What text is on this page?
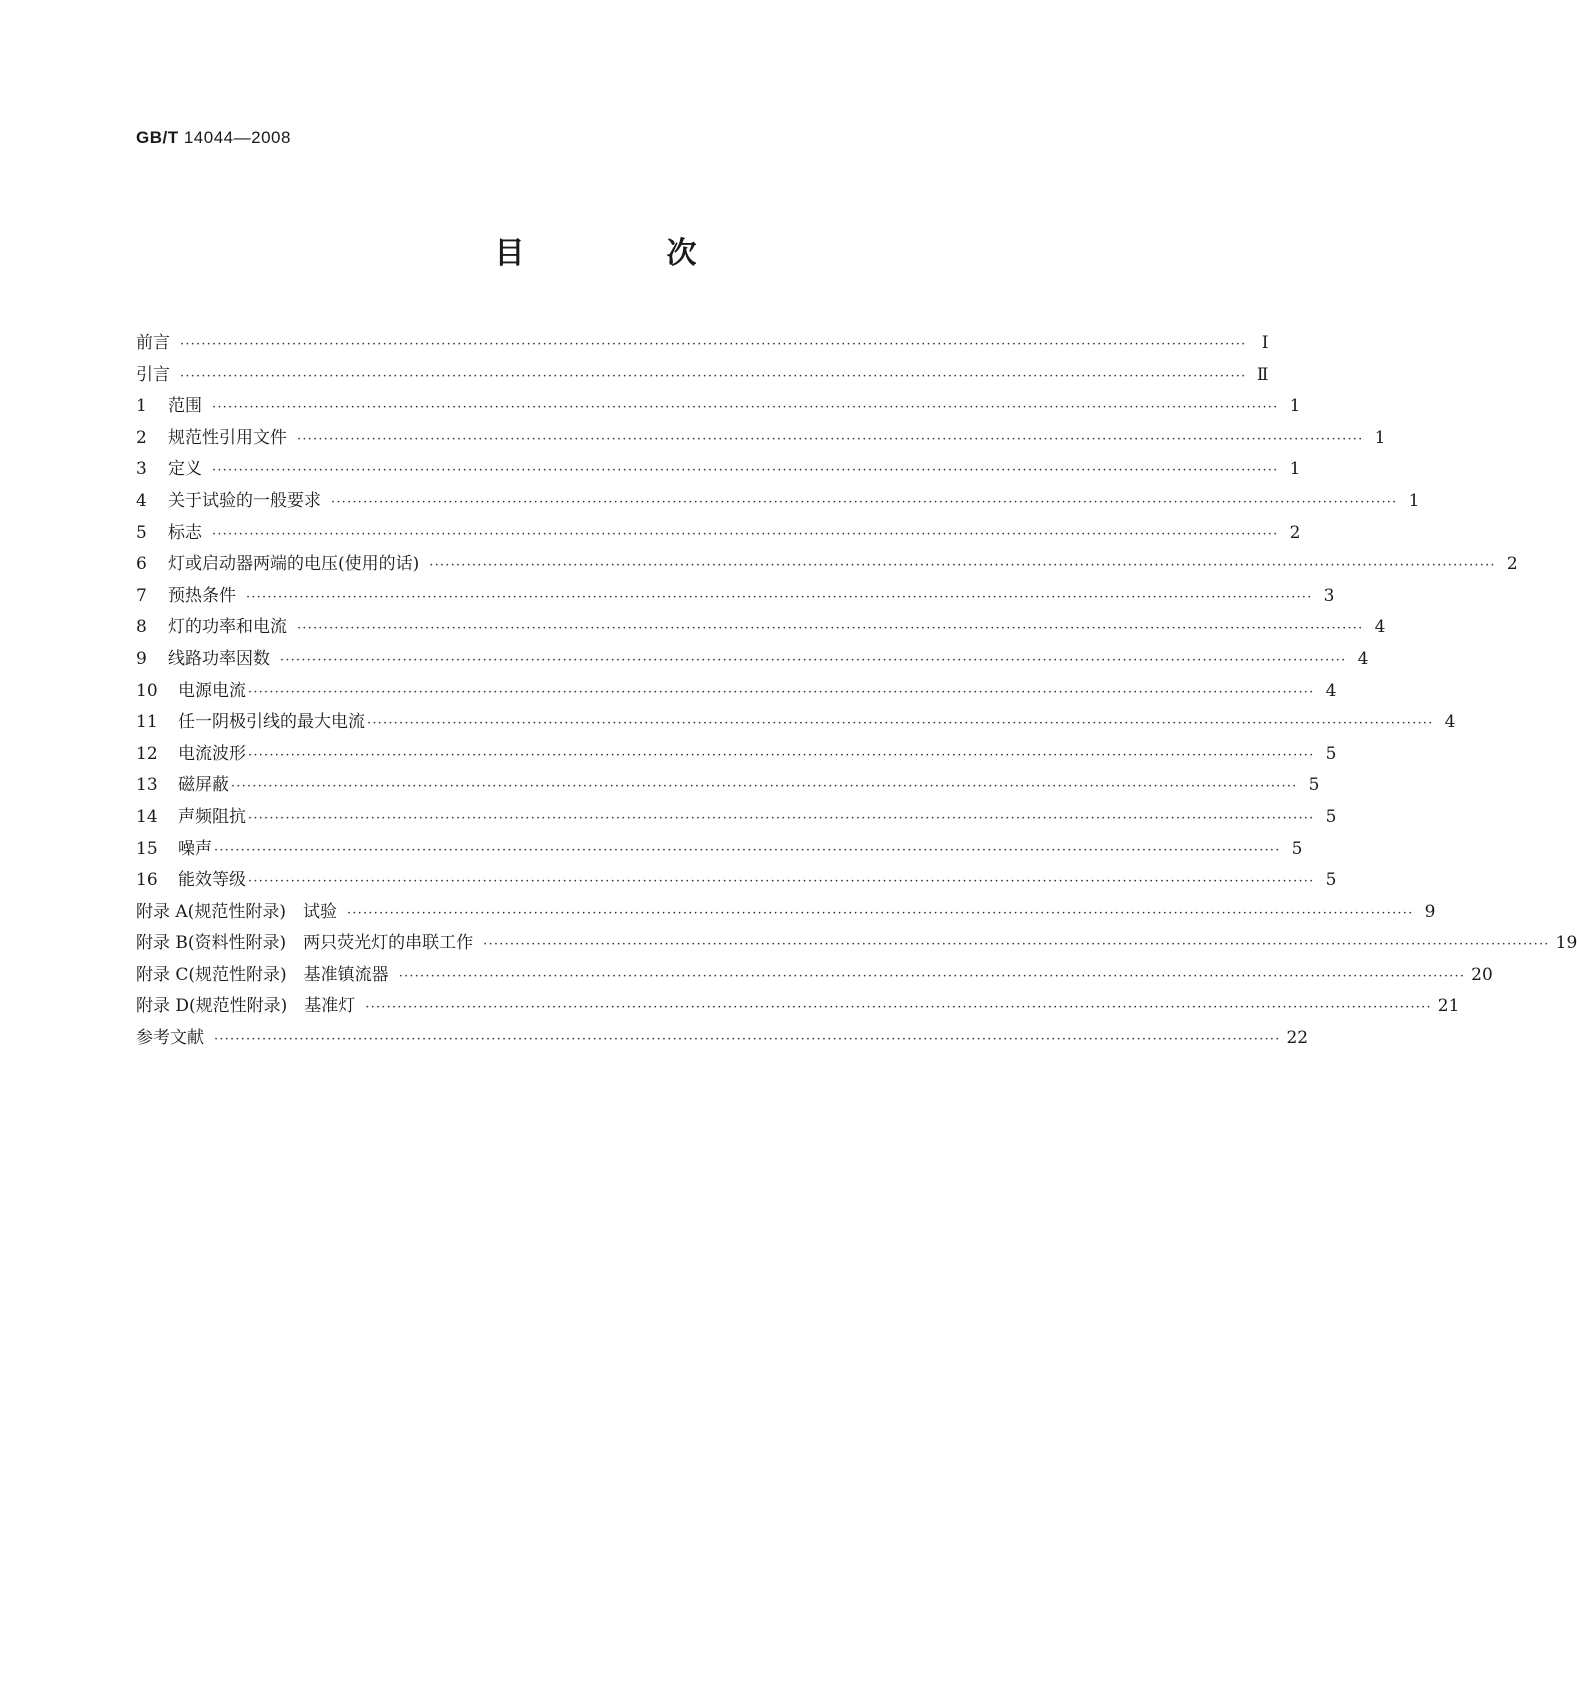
GB/T 14044—2008
目　次
前言 ········································································································································································································ Ⅰ
引言 ········································································································································································································ Ⅱ
1 范围 ········································································································································································································ 1
2 规范性引用文件 ········································································································································································································ 1
3 定义 ········································································································································································································ 1
4 关于试验的一般要求 ········································································································································································································ 1
5 标志 ········································································································································································································ 2
6 灯或启动器两端的电压(使用的话) ········································································································································································································ 2
7 预热条件 ········································································································································································································ 3
8 灯的功率和电流 ········································································································································································································ 4
9 线路功率因数 ········································································································································································································ 4
10 电源电流 ········································································································································································································ 4
11 任一阴极引线的最大电流 ········································································································································································································ 4
12 电流波形 ········································································································································································································ 5
13 磁屏蔽 ········································································································································································································ 5
14 声频阻抗 ········································································································································································································ 5
15 噪声 ········································································································································································································ 5
16 能效等级 ········································································································································································································ 5
附录 A(规范性附录)　试验 ········································································································································································································ 9
附录 B(资料性附录)　两只荧光灯的串联工作 ········································································································································································································ 19
附录 C(规范性附录)　基准镇流器 ········································································································································································································ 20
附录 D(规范性附录)　基准灯 ········································································································································································································ 21
参考文献 ········································································································································································································ 22
